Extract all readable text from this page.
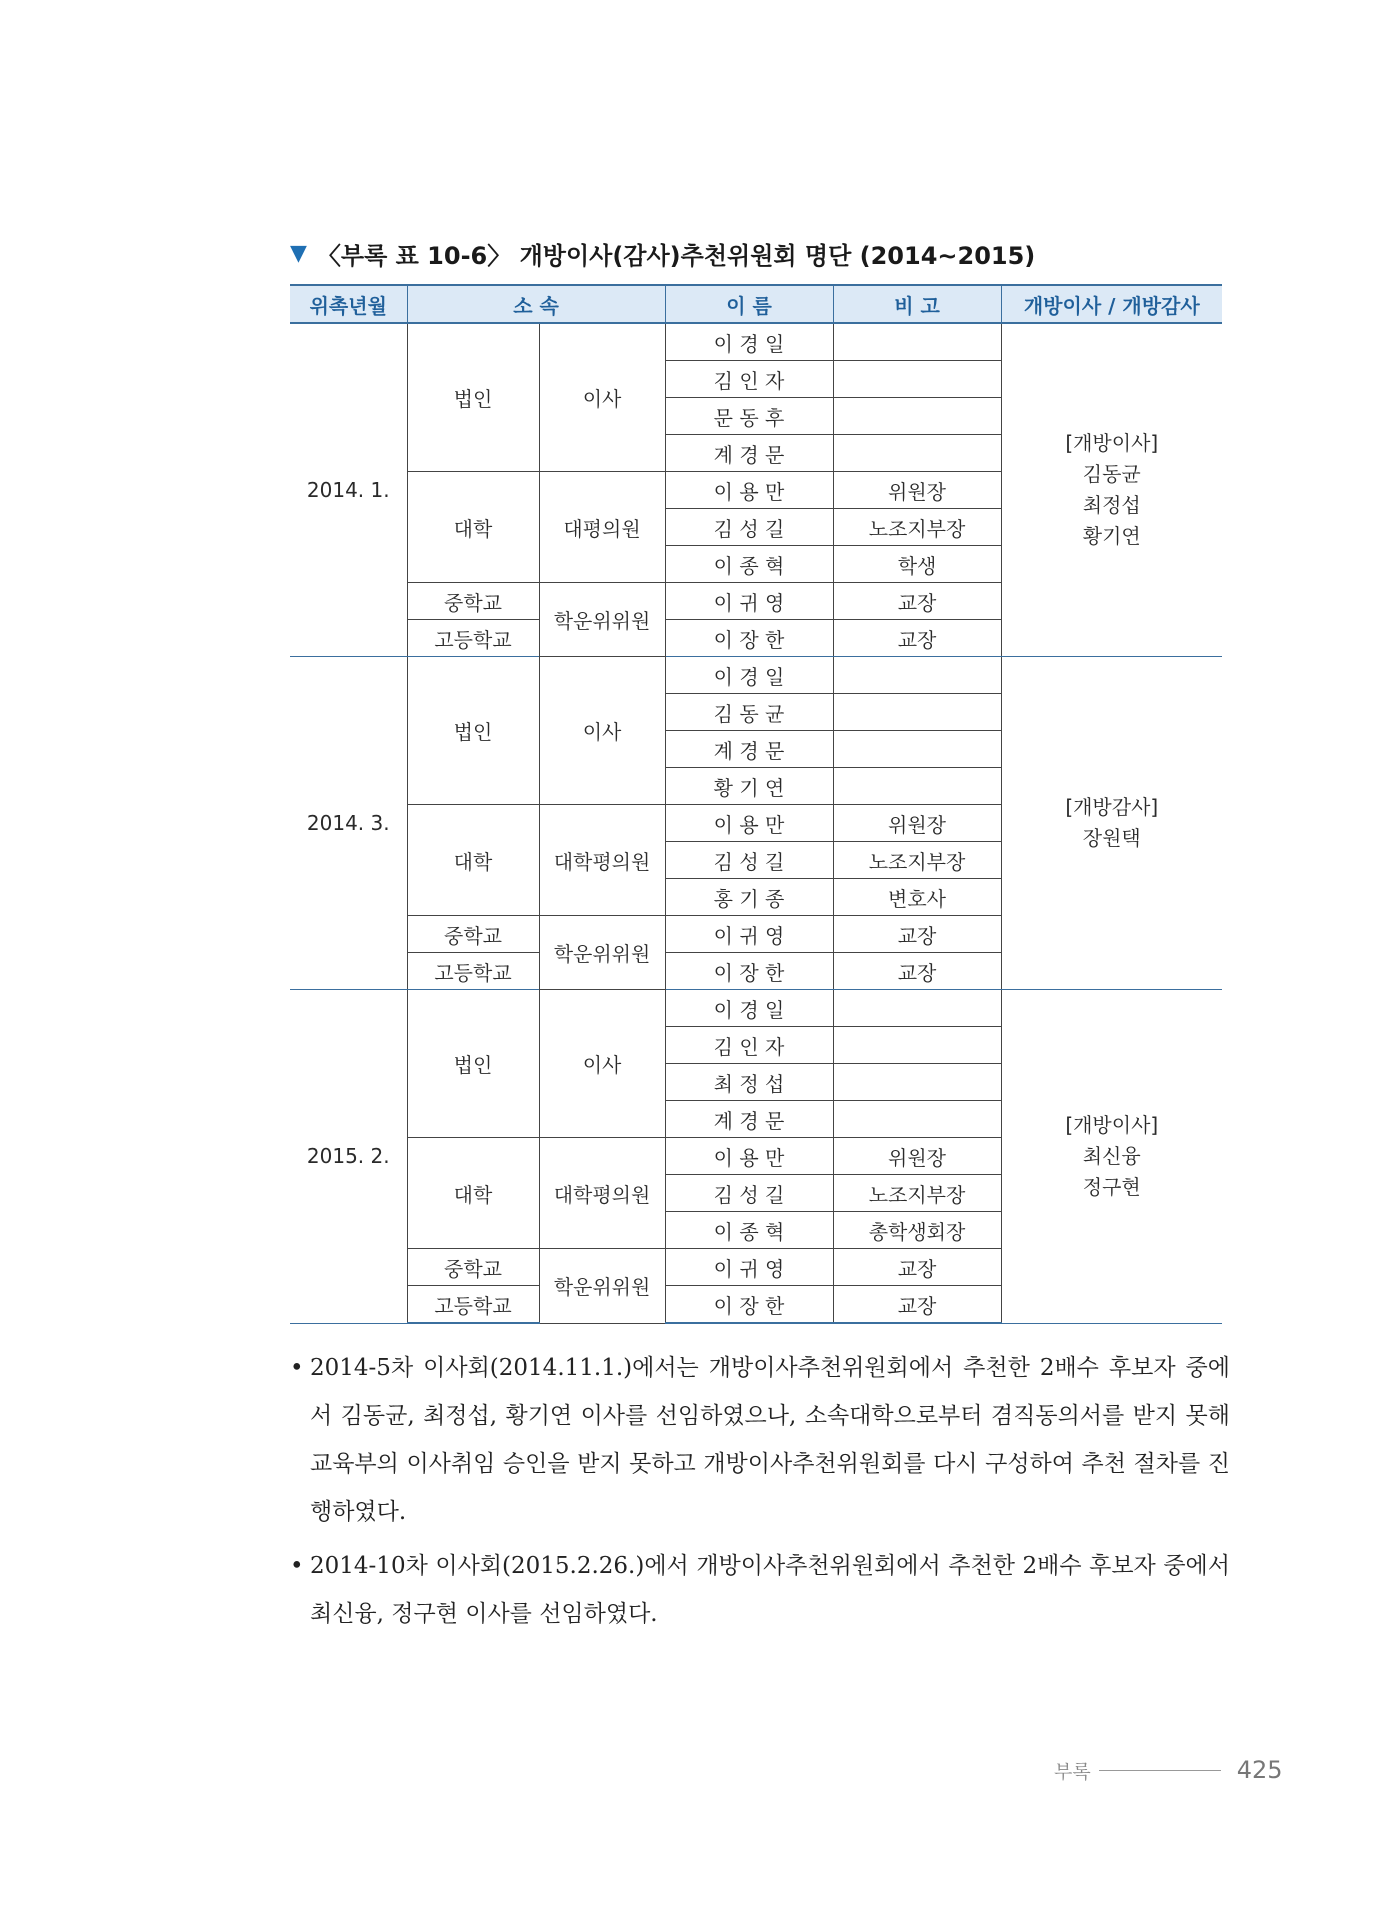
▼ 〈부록 표 10-6〉 개방이사(감사)추천위원회 명단 (2014~2015)
위촉년월	소 속		이 름	비 고	개방이사 / 개방감사
2014. 1.	법인	이사	이 경 일		[개방이사]
김동균
최정섭
황기연

			김 인 자		
			문 동 후		
			계 경 문		
	대학	대평의원	이 용 만	위원장	
			김 성 길	노조지부장	
			이 종 혁	학생	
	중학교	학운위위원	이 귀 영	교장	
	고등학교		이 장 한	교장	
2014. 3.	법인	이사	이 경 일		[개방감사]
장원택

			김 동 균		
			계 경 문		
			황 기 연		
	대학	대학평의원	이 용 만	위원장	
			김 성 길	노조지부장	
			홍 기 종	변호사	
	중학교	학운위위원	이 귀 영	교장	
	고등학교		이 장 한	교장	
2015. 2.	법인	이사	이 경 일		[개방이사]
최신융
정구현

			김 인 자		
			최 정 섭		
			계 경 문		
	대학	대학평의원	이 용 만	위원장	
			김 성 길	노조지부장	
			이 종 혁	총학생회장	
	중학교	학운위위원	이 귀 영	교장	
	고등학교		이 장 한	교장	
• 2014-5차 이사회(2014.11.1.)에서는 개방이사추천위원회에서 추천한 2배수 후보자 중에서 김동균, 최정섭, 황기연 이사를 선임하였으나, 소속대학으로부터 겸직동의서를 받지 못해 교육부의 이사취임 승인을 받지 못하고 개방이사추천위원회를 다시 구성하여 추천 절차를 진행하였다.
• 2014-10차 이사회(2015.2.26.)에서 개방이사추천위원회에서 추천한 2배수 후보자 중에서 최신융, 정구현 이사를 선임하였다.
부록	425
